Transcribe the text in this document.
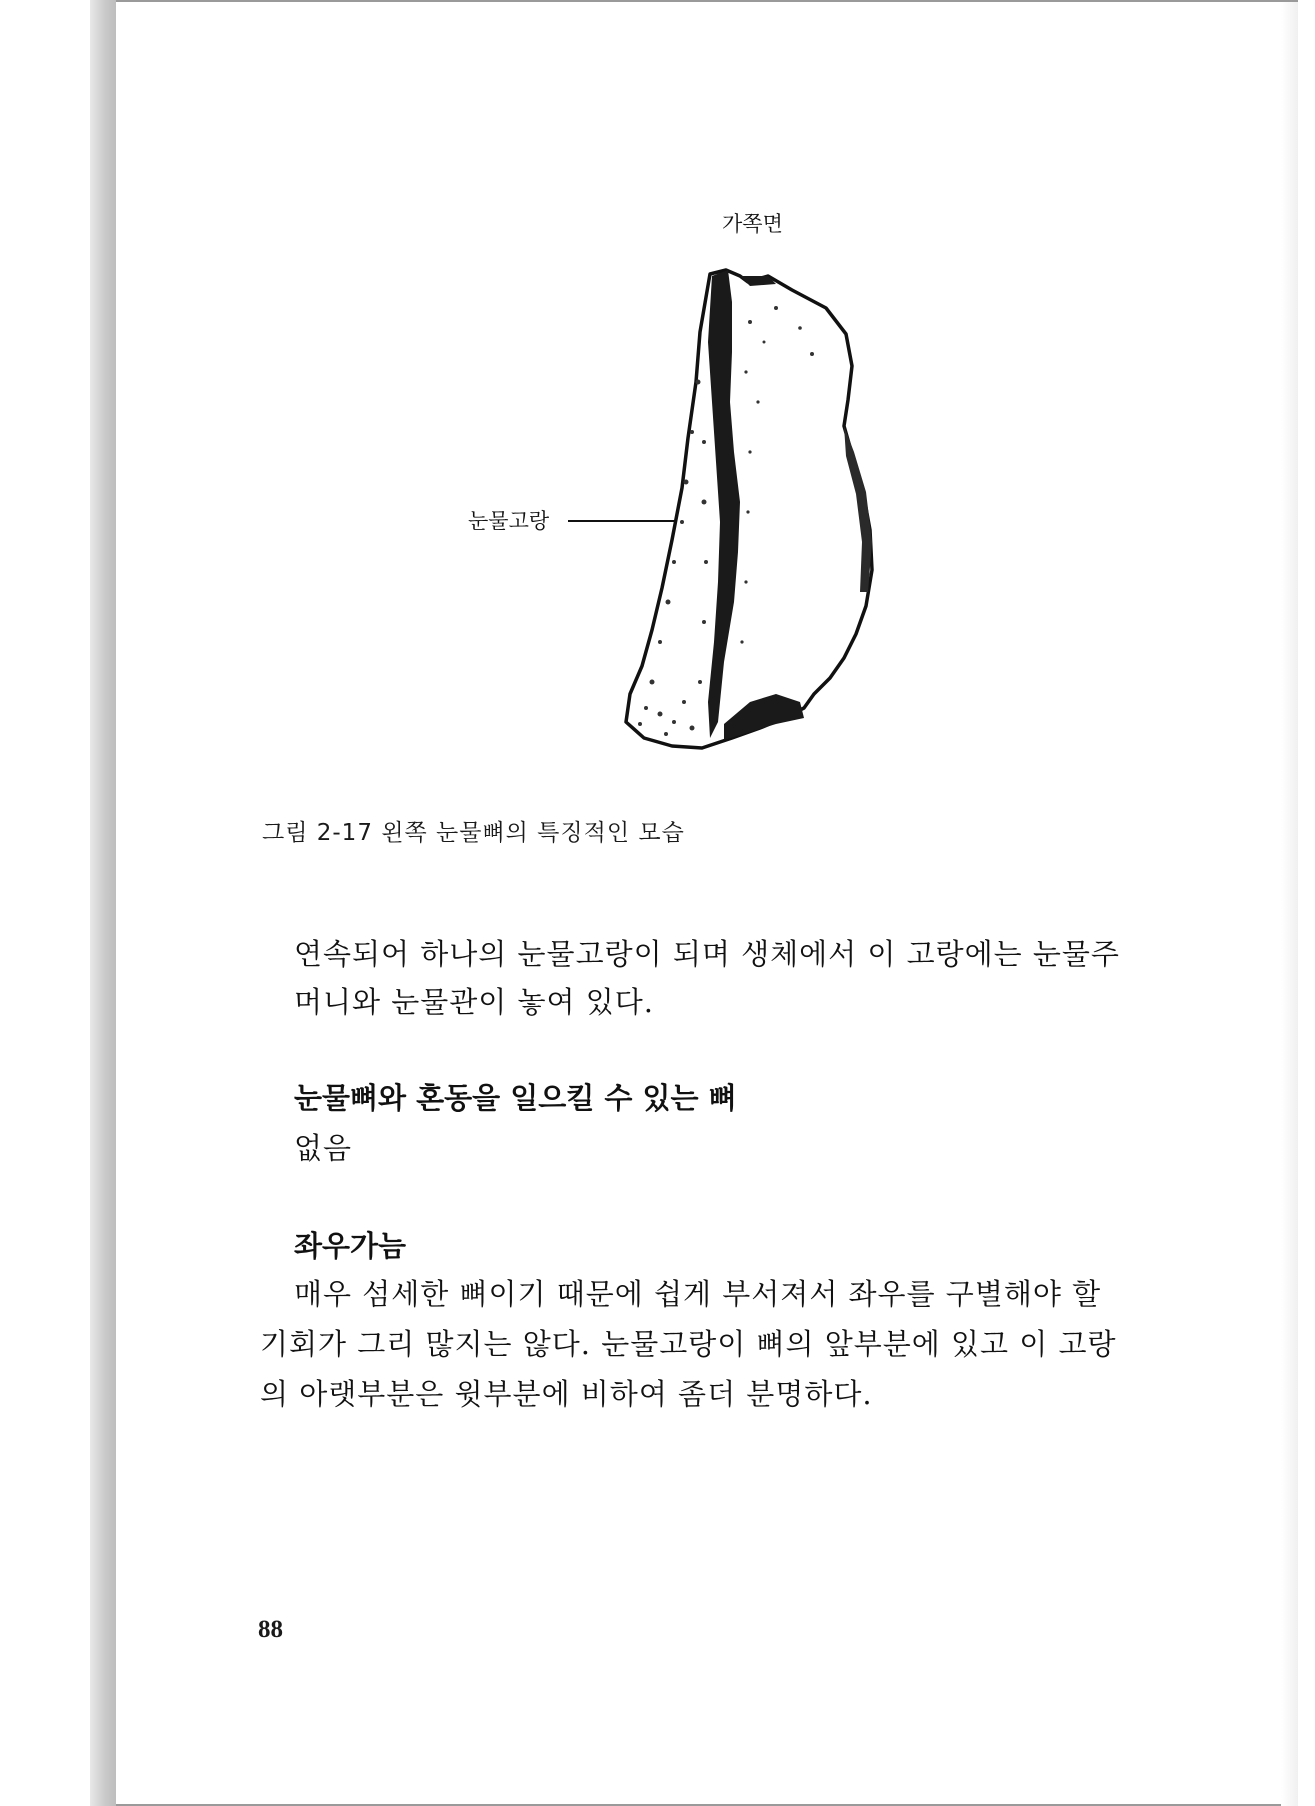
가쪽면
눈물고랑
그림 2-17 왼쪽 눈물뼈의 특징적인 모습
연속되어 하나의 눈물고랑이 되며 생체에서 이 고랑에는 눈물주
머니와 눈물관이 놓여 있다.
눈물뼈와 혼동을 일으킬 수 있는 뼈
없음
좌우가늠
매우 섬세한 뼈이기 때문에 쉽게 부서져서 좌우를 구별해야 할
기회가 그리 많지는 않다. 눈물고랑이 뼈의 앞부분에 있고 이 고랑
의 아랫부분은 윗부분에 비하여 좀더 분명하다.
88
